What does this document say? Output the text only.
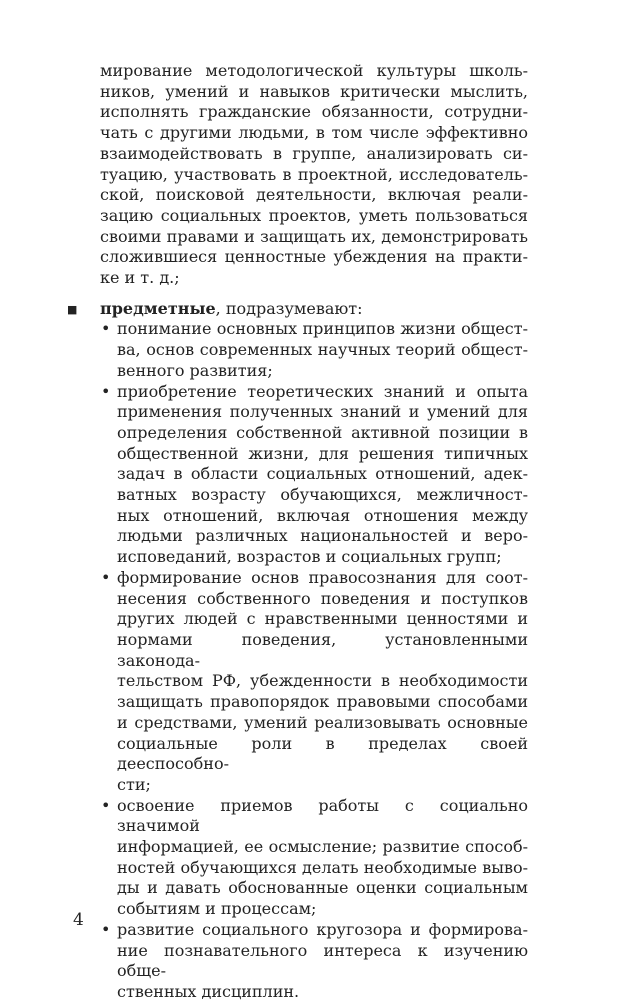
мирование методологической культуры школь-
ников, умений и навыков критически мыслить,
исполнять гражданские обязанности, сотрудни-
чать с другими людьми, в том числе эффективно
взаимодействовать в группе, анализировать си-
туацию, участвовать в проектной, исследователь-
ской, поисковой деятельности, включая реали-
зацию социальных проектов, уметь пользоваться
своими правами и защищать их, демонстрировать
сложившиеся ценностные убеждения на практи-
ке и т. д.;
■ предметные, подразумевают:
• понимание основных принципов жизни общест-
ва, основ современных научных теорий общест-
венного развития;
• приобретение теоретических знаний и опыта
применения полученных знаний и умений для
определения собственной активной позиции в
общественной жизни, для решения типичных
задач в области социальных отношений, адек-
ватных возрасту обучающихся, межличност-
ных отношений, включая отношения между
людьми различных национальностей и веро-
исповеданий, возрастов и социальных групп;
• формирование основ правосознания для соот-
несения собственного поведения и поступков
других людей с нравственными ценностями и
нормами поведения, установленными законода-
тельством РФ, убежденности в необходимости
защищать правопорядок правовыми способами
и средствами, умений реализовывать основные
социальные роли в пределах своей дееспособно-
сти;
• освоение приемов работы с социально значимой
информацией, ее осмысление; развитие способ-
ностей обучающихся делать необходимые выво-
ды и давать обоснованные оценки социальным
событиям и процессам;
• развитие социального кругозора и формирова-
ние познавательного интереса к изучению обще-
ственных дисциплин.
4
